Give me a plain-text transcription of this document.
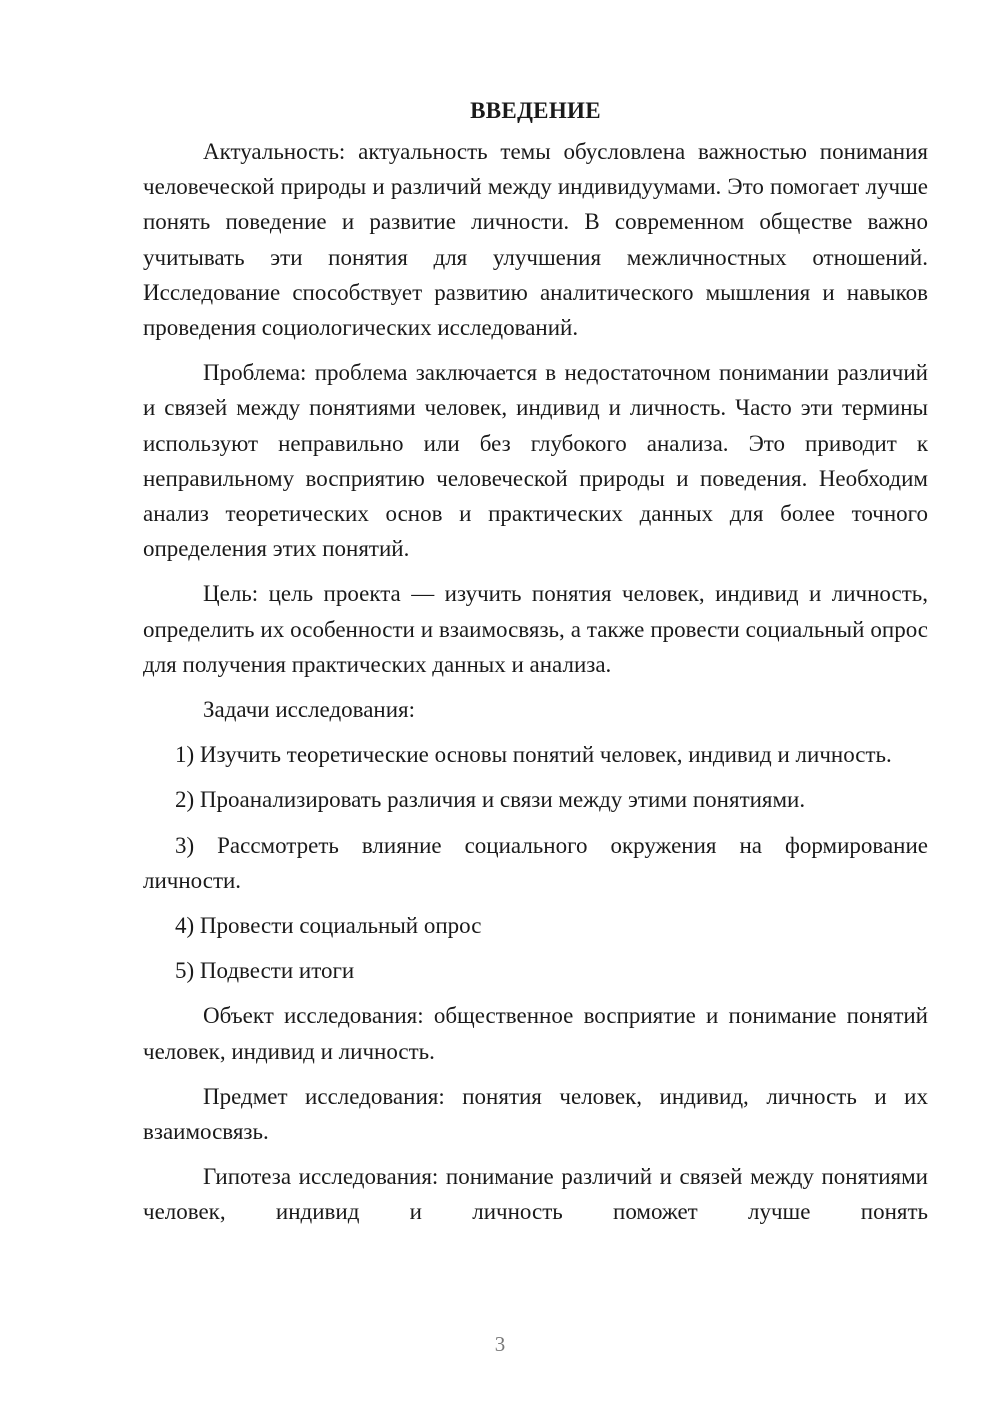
ВВЕДЕНИЕ

Актуальность: актуальность темы обусловлена важностью понимания человеческой природы и различий между индивидуумами. Это помогает лучше понять поведение и развитие личности. В современном обществе важно учитывать эти понятия для улучшения межличностных отношений. Исследование способствует развитию аналитического мышления и навыков проведения социологических исследований.

Проблема: проблема заключается в недостаточном понимании различий и связей между понятиями человек, индивид и личность. Часто эти термины используют неправильно или без глубокого анализа. Это приводит к неправильному восприятию человеческой природы и поведения. Необходим анализ теоретических основ и практических данных для более точного определения этих понятий.

Цель: цель проекта — изучить понятия человек, индивид и личность, определить их особенности и взаимосвязь, а также провести социальный опрос для получения практических данных и анализа.

Задачи исследования:

1) Изучить теоретические основы понятий человек, индивид и личность.

2) Проанализировать различия и связи между этими понятиями.

3) Рассмотреть влияние социального окружения на формирование личности.

4) Провести социальный опрос

5) Подвести итоги

Объект исследования: общественное восприятие и понимание понятий человек, индивид и личность.

Предмет исследования: понятия человек, индивид, личность и их взаимосвязь.

Гипотеза исследования: понимание различий и связей между понятиями человек, индивид и личность поможет лучше понять

3
